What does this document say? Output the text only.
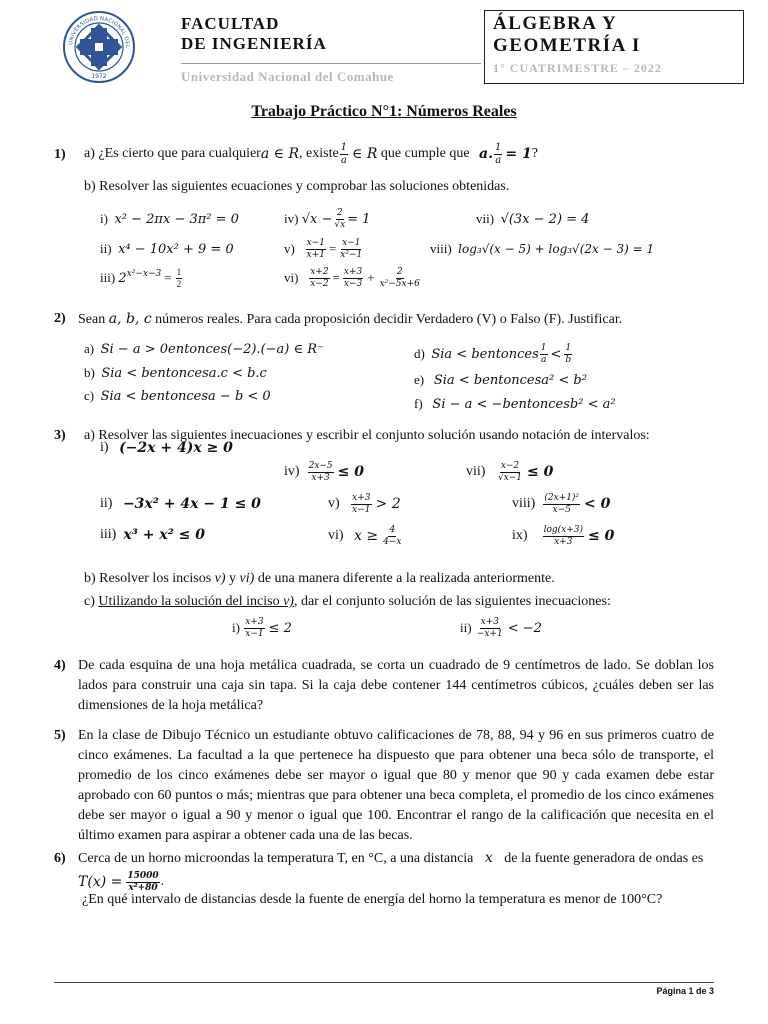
UNIVERSIDAD NACIONAL DEL
1972
FACULTAD
DE INGENIERÍA
Universidad Nacional del Comahue
ÁLGEBRA Y
GEOMETRÍA I
1° CUATRIMESTRE – 2022
Trabajo Práctico N°1: Números Reales
1) a) ¿Es cierto que para cualquier a ∈ R , existe $\frac{1}{a}$ ∈ R que cumple que a. $\frac{1}{a} = 1$ ?
b) Resolver las siguientes ecuaciones y comprobar las soluciones obtenidas.
i) x² − 2πx − 3π² = 0
ii) x⁴ − 10x² + 9 = 0
iii)
$2^{x^2-x-3} = \frac{1}{2}$
iv)
$√x - \frac{2}{√x} = 1$
v)
$\frac{x-1}{x+1} = \frac{x-1}{\text{x²−1}}$
vi)
$\frac{x+2}{x-2} = \frac{x+3}{x-3} + \frac{2}{\text{x²−5x+6}}$
vii) √(3x − 2) = 4
viii) log₃√(x − 5) + log₃√(2x − 3) = 1
2) Sean a, b, c números reales. Para cada proposición decidir Verdadero (V) o Falso (F). Justificar.
a) Si − a > 0entonces(−2).(−a) ∈ R⁻
b) Sia < bentoncesa.c < b.c
c) Sia < bentoncesa − b < 0
d)
Sia < bentonces $\frac{1}{a} < \frac{1}{b}$
e) Sia < bentoncesa² < b²
f) Si − a < −bentoncesb² < a²
3) a) Resolver las siguientes inecuaciones y escribir el conjunto solución usando notación de intervalos:
i)
(−2x + 4)x ≥ 0
ii)
−3x² + 4x − 1 ≤ 0
iii)
x³ + x² ≤ 0
iv)
$\frac{2x-5}{x+3} \le 0$
v)
$\frac{x+3}{x-1} > 2$
vi)
$x \ge \frac{4}{4-x}$
vii)
$\frac{x-2}{√x-1} \le 0$
viii)
$\frac{\text{(2x+1)²}}{x-5} < 0$
ix)
$\frac{\log(x+3)}{x+3} \le 0$
b) Resolver los incisos v) y vi) de una manera diferente a la realizada anteriormente.
c) Utilizando la solución del inciso v), dar el conjunto solución de las siguientes inecuaciones:
i)
$\frac{x+3}{x-1} \le 2$	ii)
$\frac{x+3}{-x+1} < -2$
4) De cada esquina de una hoja metálica cuadrada, se corta un cuadrado de 9 centímetros de lado. Se doblan los lados para construir una caja sin tapa. Si la caja debe contener 144 centímetros cúbicos, ¿cuáles deben ser las dimensiones de la hoja metálica?
5) En la clase de Dibujo Técnico un estudiante obtuvo calificaciones de 78, 88, 94 y 96 en sus primeros cuatro de cinco exámenes. La facultad a la que pertenece ha dispuesto que para obtener una beca sólo de transporte, el promedio de los cinco exámenes debe ser mayor o igual que 80 y menor que 90 y cada examen debe estar aprobado con 60 puntos o más; mientras que para obtener una beca completa, el promedio de los cinco exámenes debe ser mayor o igual a 90 y menor o igual que 100. Encontrar el rango de la calificación que necesita en el último examen para aspirar a obtener cada una de las becas.
6) Cerca de un horno microondas la temperatura T, en °C, a una distancia x de la fuente generadora de ondas es
$T(x) = \frac{15000}{\text{x²+80}}$ .
¿En qué intervalo de distancias desde la fuente de energía del horno la temperatura es menor de 100°C?
Página 1 de 3
